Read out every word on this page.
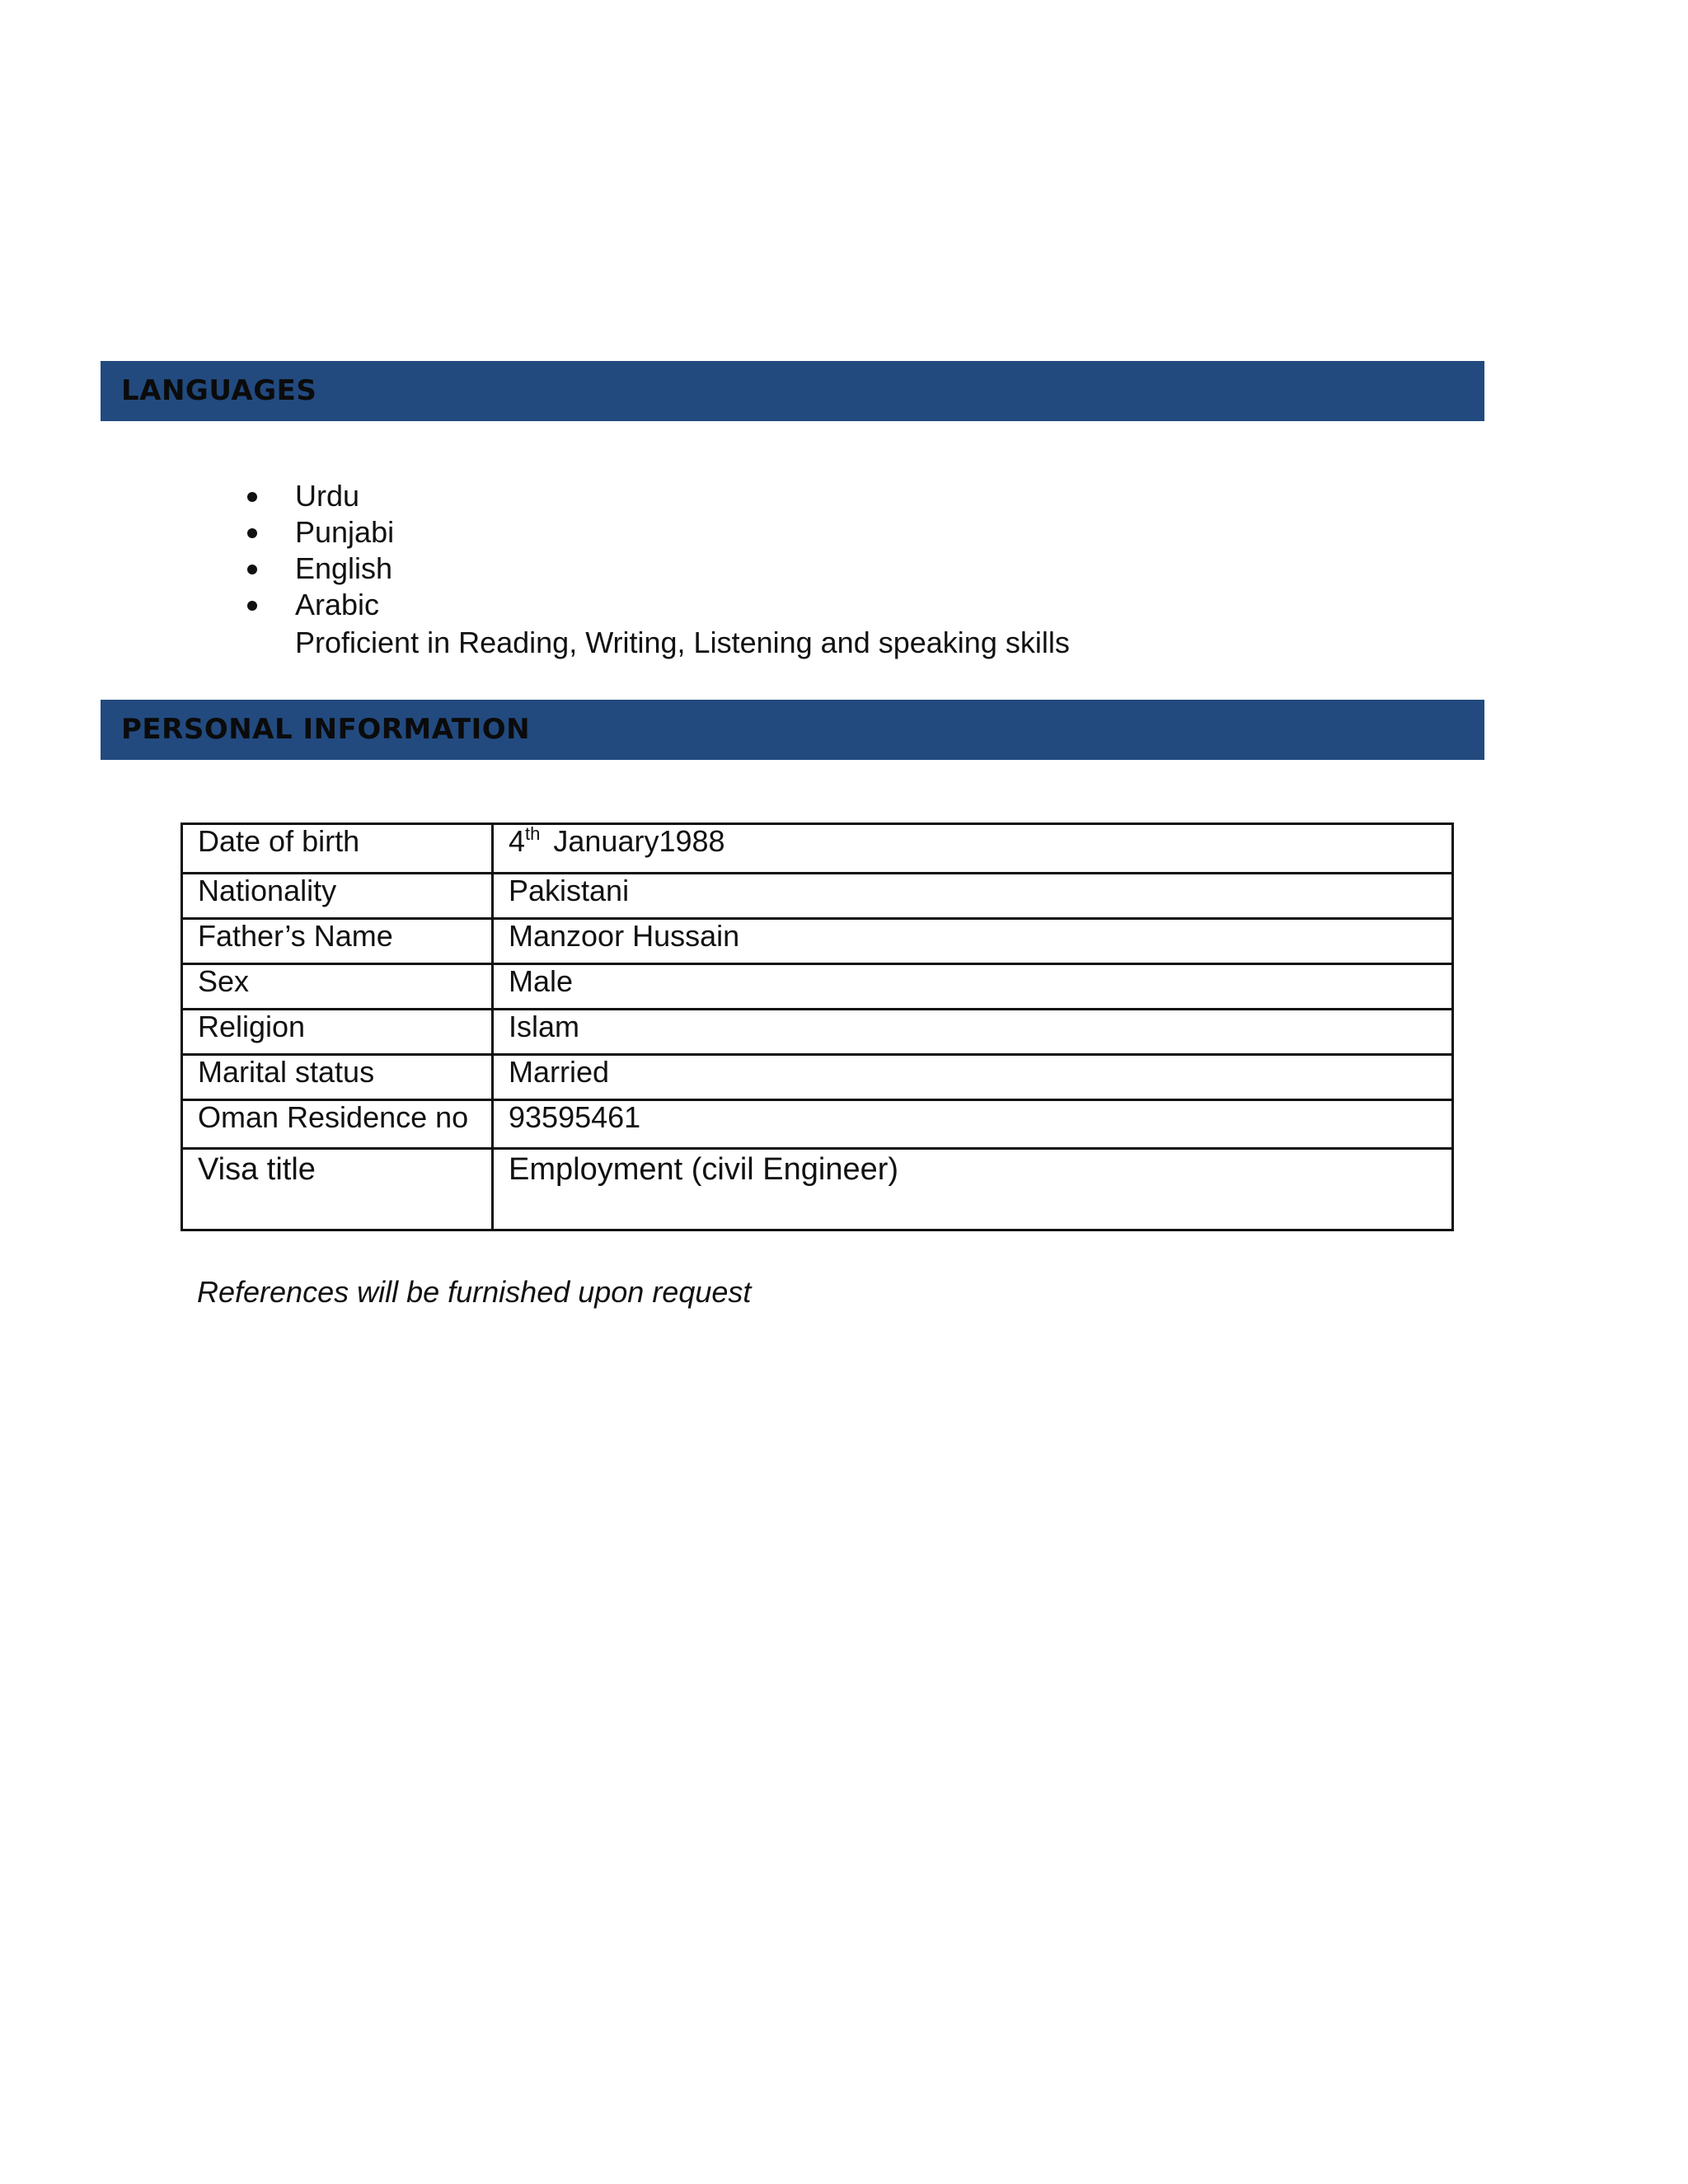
LANGUAGES
Urdu
Punjabi
English
Arabic
Proficient in Reading, Writing, Listening and speaking skills
PERSONAL INFORMATION
Date of birth	4th January1988
Nationality	Pakistani
Father’s Name	Manzoor Hussain
Sex	Male
Religion	Islam
Marital status	Married
Oman Residence no	93595461
Visa title	Employment (civil Engineer)
References will be furnished upon request
